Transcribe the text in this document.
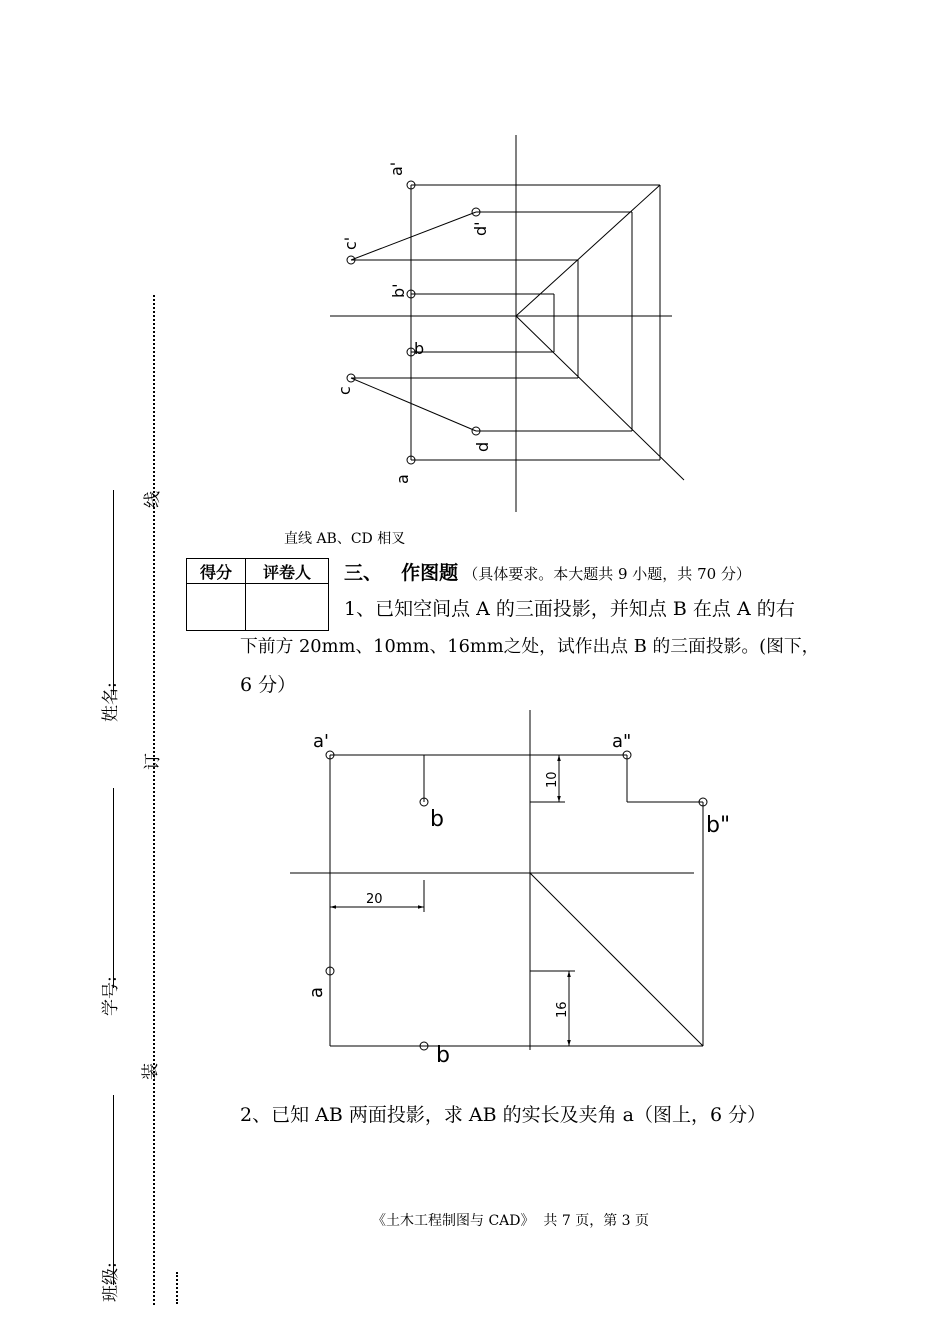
线
订
装
姓名:
学号:
班级:
a'
d'
c'
b'
b
c
d
a
直线 AB、CD 相叉
得分	评卷人
	三、 作图题 （具体要求。本大题共 9 小题，共 70 分）
1、已知空间点 A 的三面投影，并知点 B 在点 A 的右
下前方 20mm、10mm、16mm之处，试作出点 B 的三面投影。(图下，
6 分）
a'	a"
b	b"
a
b
10
20
16
2、已知 AB 两面投影，求 AB 的实长及夹角 a（图上，6 分）
《土木工程制图与 CAD》  共 7 页，第 3 页
